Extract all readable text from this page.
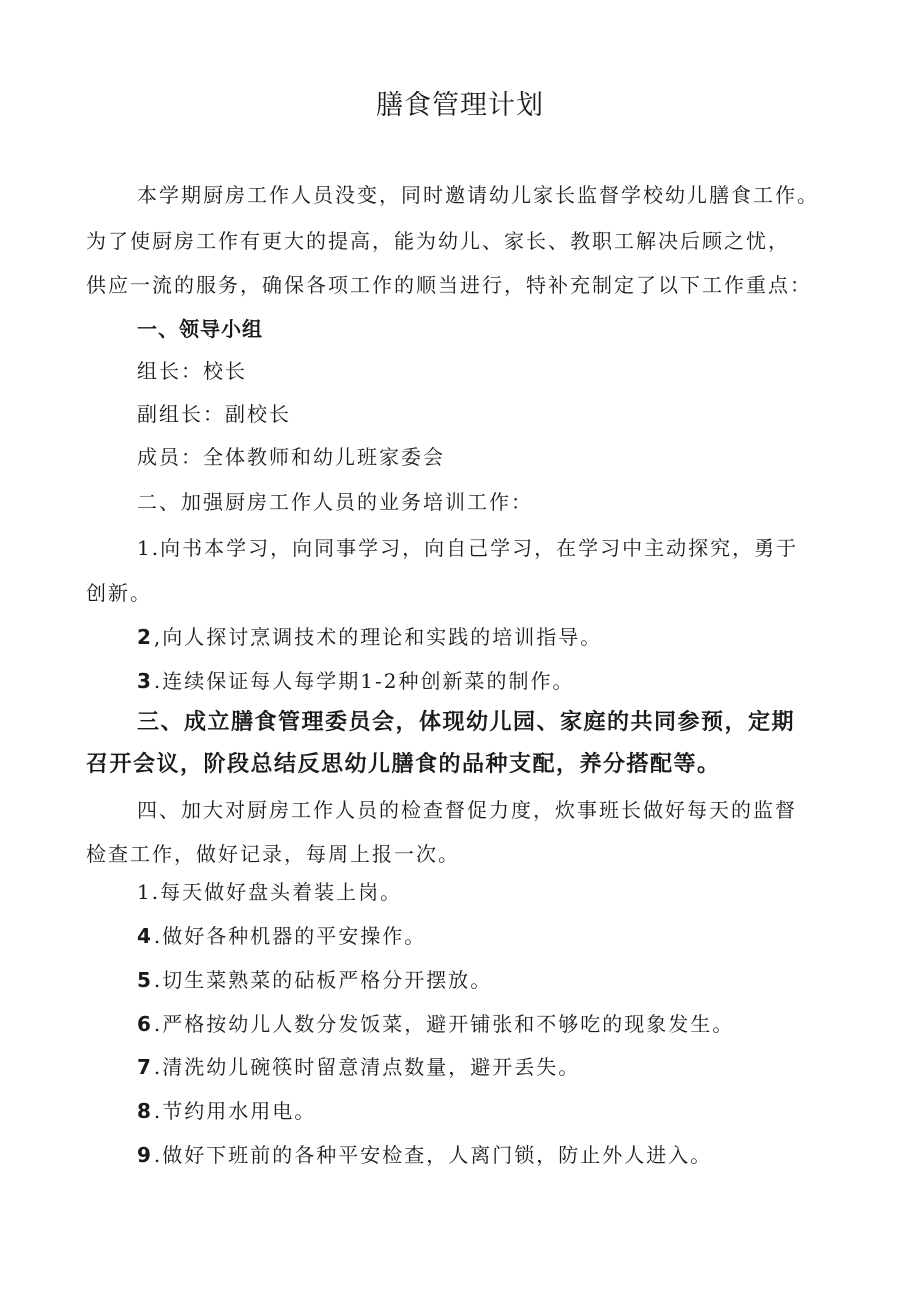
膳食管理计划
本学期厨房工作人员没变，同时邀请幼儿家长监督学校幼儿膳食工作。
为了使厨房工作有更大的提高，能为幼儿、家长、教职工解决后顾之忧，
供应一流的服务，确保各项工作的顺当进行，特补充制定了以下工作重点：
一、领导小组
组长：校长
副组长：副校长
成员：全体教师和幼儿班家委会
二、加强厨房工作人员的业务培训工作：
1.向书本学习，向同事学习，向自己学习，在学习中主动探究，勇于
创新。
2 ,向人探讨烹调技术的理论和实践的培训指导。
3 .连续保证每人每学期1-2种创新菜的制作。
三、成立膳食管理委员会，体现幼儿园、家庭的共同参预，定期
召开会议，阶段总结反思幼儿膳食的品种支配，养分搭配等。
四、加大对厨房工作人员的检查督促力度，炊事班长做好每天的监督
检查工作，做好记录，每周上报一次。
1.每天做好盘头着装上岗。
4 .做好各种机器的平安操作。
5 .切生菜熟菜的砧板严格分开摆放。
6 .严格按幼儿人数分发饭菜，避开铺张和不够吃的现象发生。
7 .清洗幼儿碗筷时留意清点数量，避开丢失。
8 .节约用水用电。
9 .做好下班前的各种平安检查，人离门锁，防止外人进入。
